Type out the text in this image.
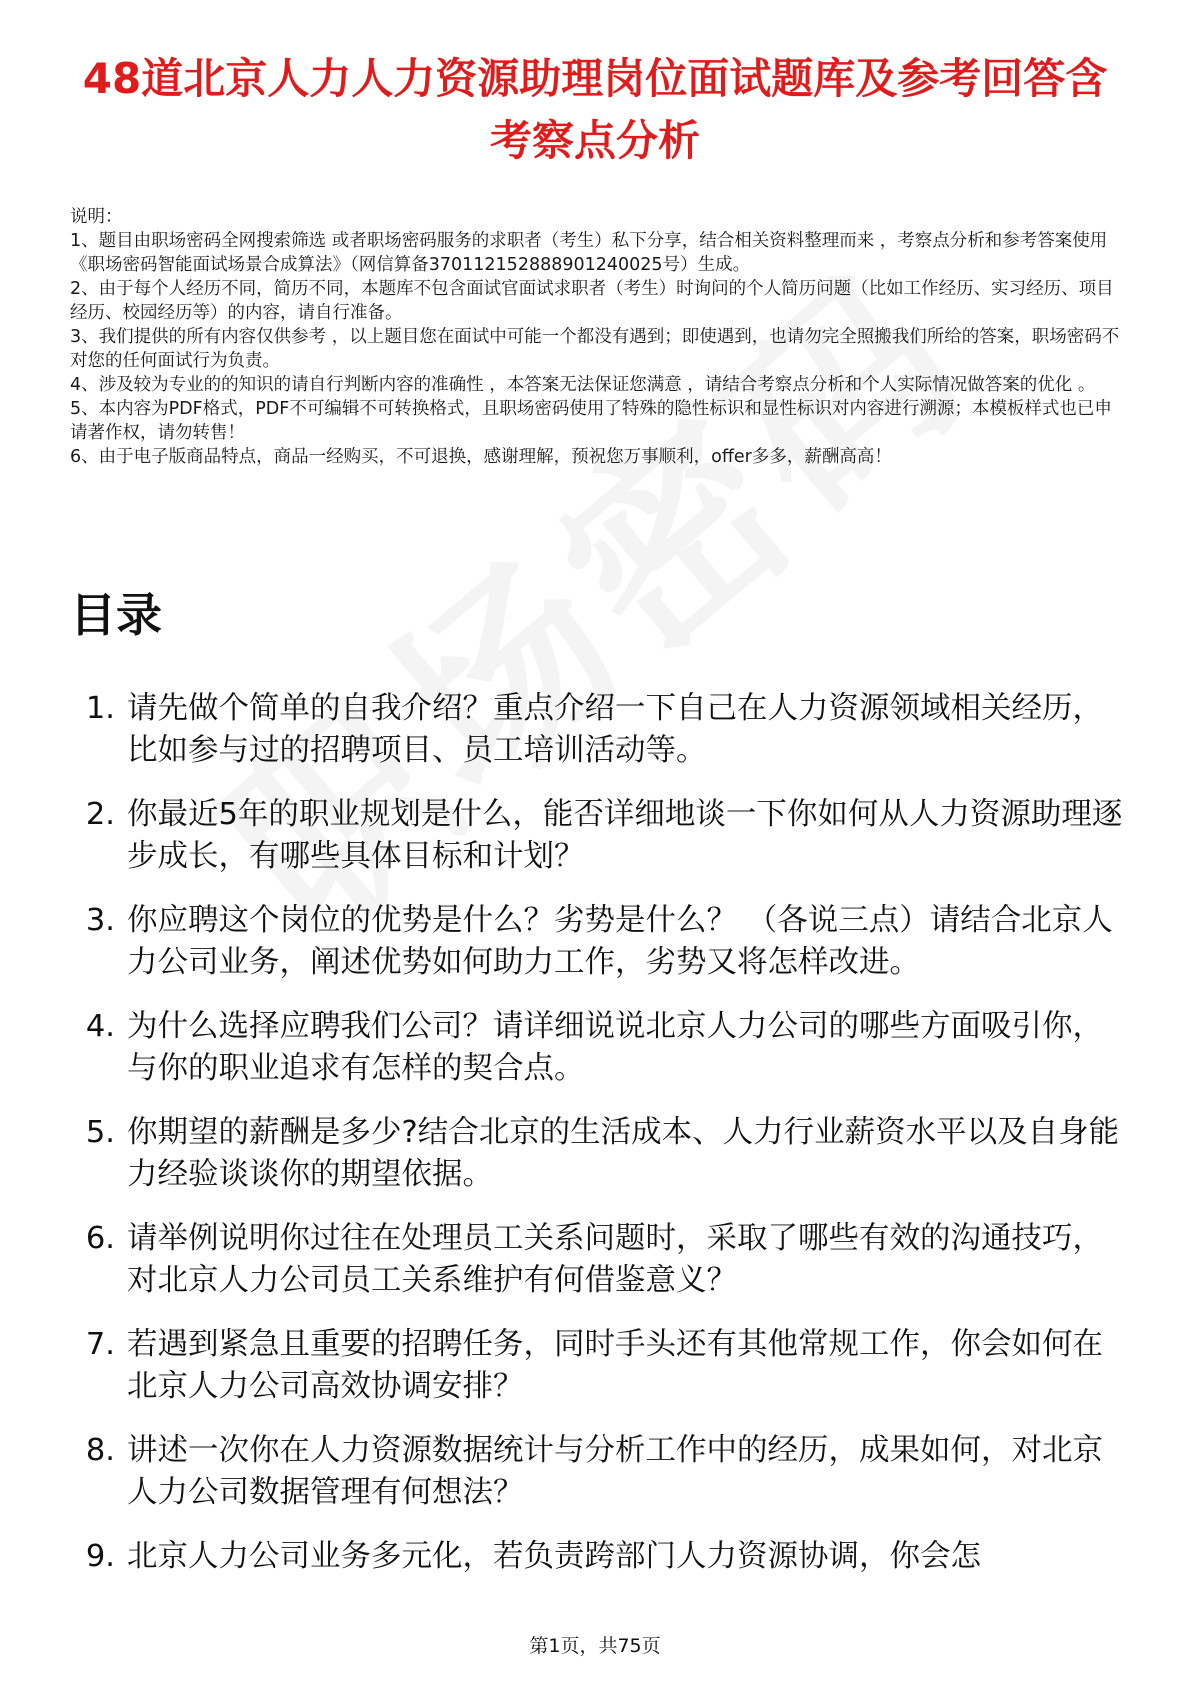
48道北京人力人力资源助理岗位面试题库及参考回答含考察点分析

说明：

1、题目由职场密码全网搜索筛选 或者职场密码服务的求职者（考生）私下分享，结合相关资料整理而来 ，考察点分析和参考答案使用《职场密码智能面试场景合成算法》（网信算备370112152888901240025号）生成。

2、由于每个人经历不同，简历不同，本题库不包含面试官面试求职者（考生）时询问的个人简历问题（比如工作经历、实习经历、项目经历、校园经历等）的内容，请自行准备。

3、我们提供的所有内容仅供参考 ，以上题目您在面试中可能一个都没有遇到；即使遇到，也请勿完全照搬我们所给的答案，职场密码不对您的任何面试行为负责。

4、涉及较为专业的的知识的请自行判断内容的准确性 ，本答案无法保证您满意 ，请结合考察点分析和个人实际情况做答案的优化 。

5、本内容为PDF格式，PDF不可编辑不可转换格式，且职场密码使用了特殊的隐性标识和显性标识对内容进行溯源；本模板样式也已申请著作权，请勿转售！

6、由于电子版商品特点，商品一经购买，不可退换，感谢理解，预祝您万事顺利，offer多多，薪酬高高！

目录
1. 请先做个简单的自我介绍？重点介绍一下自己在人力资源领域相关经历，比如参与过的招聘项目、员工培训活动等。
2. 你最近5年的职业规划是什么，能否详细地谈一下你如何从人力资源助理逐步成长，有哪些具体目标和计划？
3. 你应聘这个岗位的优势是什么？劣势是什么？ （各说三点）请结合北京人力公司业务，阐述优势如何助力工作，劣势又将怎样改进。
4. 为什么选择应聘我们公司？请详细说说北京人力公司的哪些方面吸引你，与你的职业追求有怎样的契合点。
5. 你期望的薪酬是多少?结合北京的生活成本、人力行业薪资水平以及自身能力经验谈谈你的期望依据。
6. 请举例说明你过往在处理员工关系问题时，采取了哪些有效的沟通技巧，对北京人力公司员工关系维护有何借鉴意义？
7. 若遇到紧急且重要的招聘任务，同时手头还有其他常规工作，你会如何在北京人力公司高效协调安排？
8. 讲述一次你在人力资源数据统计与分析工作中的经历，成果如何，对北京人力公司数据管理有何想法？
9. 北京人力公司业务多元化，若负责跨部门人力资源协调，你会怎
第1页，共75页
